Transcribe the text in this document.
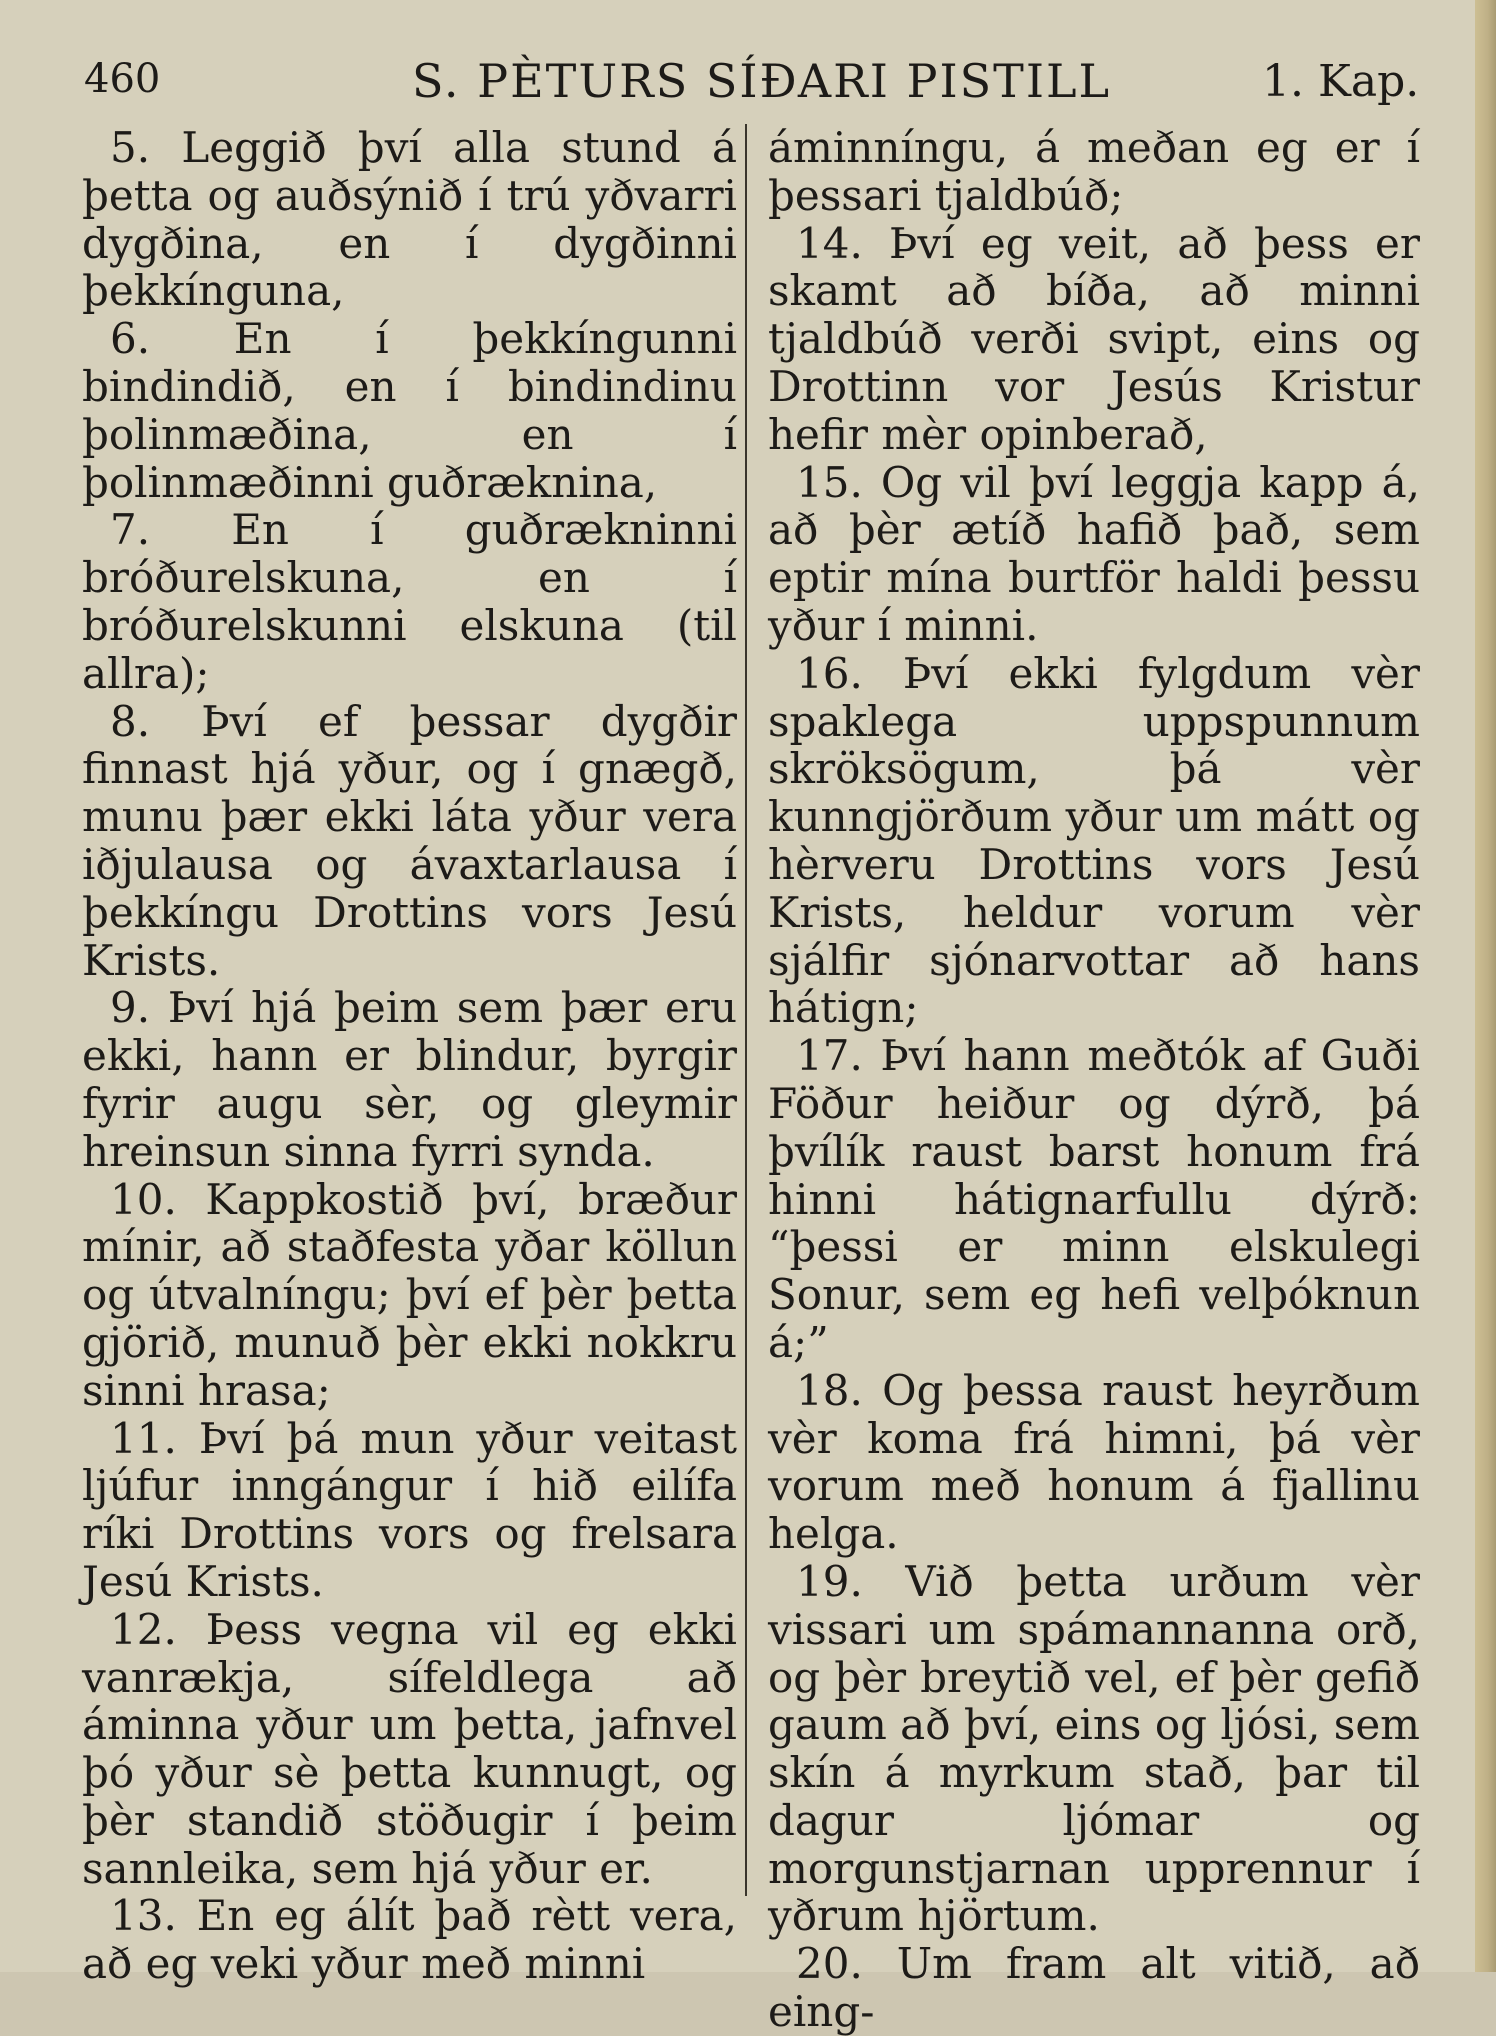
460	S. PÈTURS SÍÐARI PISTILL	1. Kap.

5. Leggið því alla stund á þetta og auðsýnið í trú yðvarri dygðina, en í dygðinni þekkínguna,

6. En í þekkíngunni bindindið, en í bindindinu þolinmæðina, en í þolinmæðinni guðræknina,

7. En í guðrækninni bróðurelskuna, en í bróðurelskunni elskuna (til allra);

8. Því ef þessar dygðir finnast hjá yður, og í gnægð, munu þær ekki láta yður vera iðjulausa og ávaxtarlausa í þekkíngu Drottins vors Jesú Krists.

9. Því hjá þeim sem þær eru ekki, hann er blindur, byrgir fyrir augu sèr, og gleymir hreinsun sinna fyrri synda.

10. Kappkostið því, bræður mínir, að staðfesta yðar köllun og útvalníngu; því ef þèr þetta gjörið, munuð þèr ekki nokkru sinni hrasa;

11. Því þá mun yður veitast ljúfur inngángur í hið eilífa ríki Drottins vors og frelsara Jesú Krists.

12. Þess vegna vil eg ekki vanrækja, sífeldlega að áminna yður um þetta, jafnvel þó yður sè þetta kunnugt, og þèr standið stöðugir í þeim sannleika, sem hjá yður er.

13. En eg álít það rètt vera, að eg veki yður með minni

áminníngu, á meðan eg er í þessari tjaldbúð;

14. Því eg veit, að þess er skamt að bíða, að minni tjaldbúð verði svipt, eins og Drottinn vor Jesús Kristur hefir mèr opinberað,

15. Og vil því leggja kapp á, að þèr ætíð hafið það, sem eptir mína burtför haldi þessu yður í minni.

16. Því ekki fylgdum vèr spaklega uppspunnum skröksögum, þá vèr kunngjörðum yður um mátt og hèrveru Drottins vors Jesú Krists, heldur vorum vèr sjálfir sjónarvottar að hans hátign;

17. Því hann meðtók af Guði Föður heiður og dýrð, þá þvílík raust barst honum frá hinni hátignarfullu dýrð: “þessi er minn elskulegi Sonur, sem eg hefi velþóknun á;”

18. Og þessa raust heyrðum vèr koma frá himni, þá vèr vorum með honum á fjallinu helga.

19. Við þetta urðum vèr vissari um spámannanna orð, og þèr breytið vel, ef þèr gefið gaum að því, eins og ljósi, sem skín á myrkum stað, þar til dagur ljómar og morgunstjarnan upprennur í yðrum hjörtum.

20. Um fram alt vitið, að eing-
